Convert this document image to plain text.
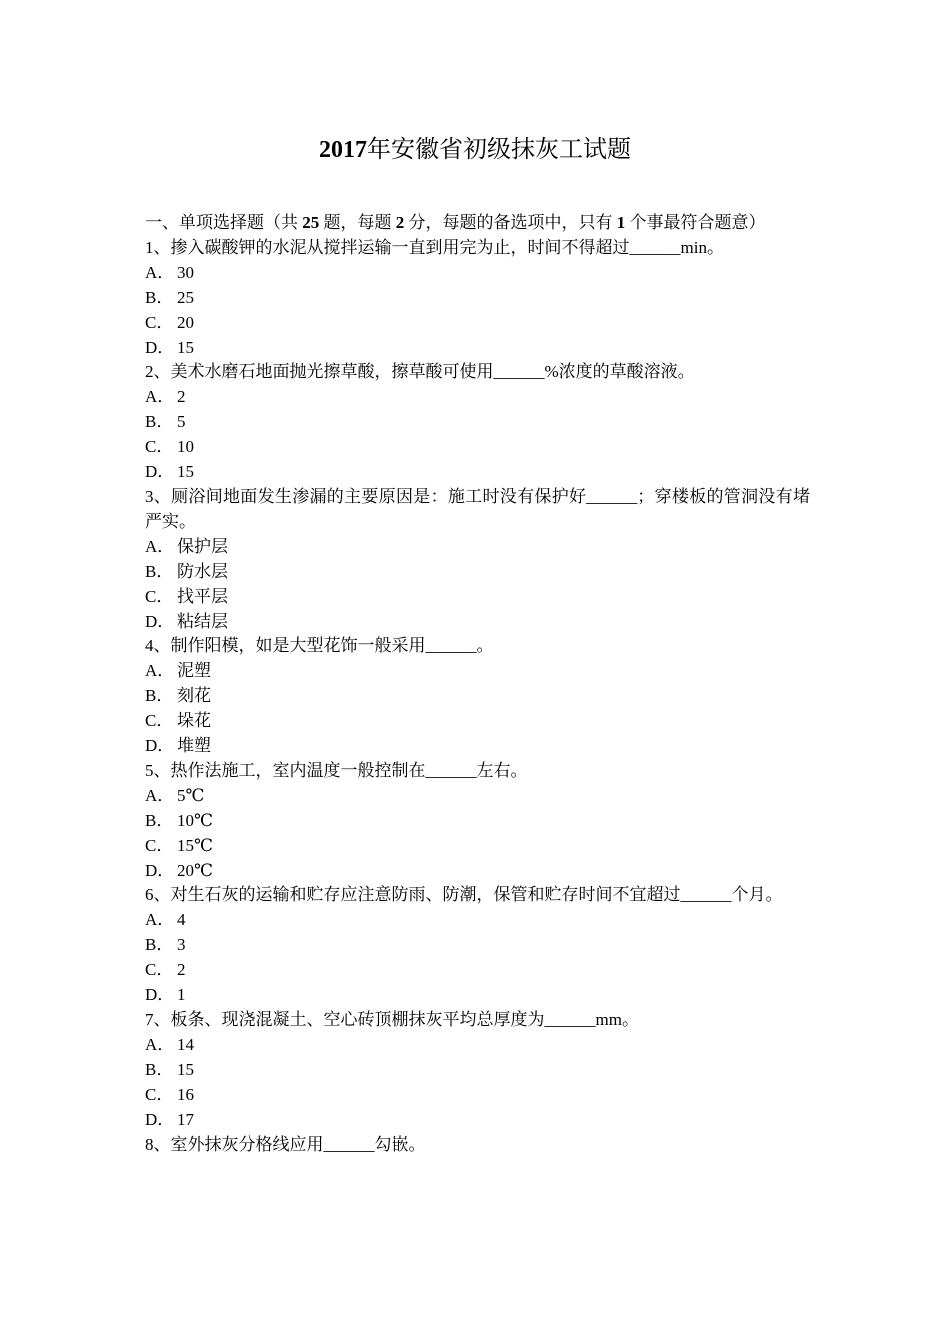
2017年安徽省初级抹灰工试题
一、单项选择题（共 25 题，每题 2 分，每题的备选项中，只有 1 个事最符合题意）
1、掺入碳酸钾的水泥从搅拌运输一直到用完为止，时间不得超过______min。
A． 30
B． 25
C． 20
D． 15
2、美术水磨石地面抛光擦草酸，擦草酸可使用______%浓度的草酸溶液。
A． 2
B． 5
C． 10
D． 15
3、厕浴间地面发生渗漏的主要原因是：施工时没有保护好______；穿楼板的管洞没有堵严实。
A． 保护层
B． 防水层
C． 找平层
D． 粘结层
4、制作阳模，如是大型花饰一般采用______。
A． 泥塑
B． 刻花
C． 垛花
D． 堆塑
5、热作法施工，室内温度一般控制在______左右。
A． 5℃
B． 10℃
C． 15℃
D． 20℃
6、对生石灰的运输和贮存应注意防雨、防潮，保管和贮存时间不宜超过______个月。
A． 4
B． 3
C． 2
D． 1
7、板条、现浇混凝土、空心砖顶棚抹灰平均总厚度为______mm。
A． 14
B． 15
C． 16
D． 17
8、室外抹灰分格线应用______勾嵌。
